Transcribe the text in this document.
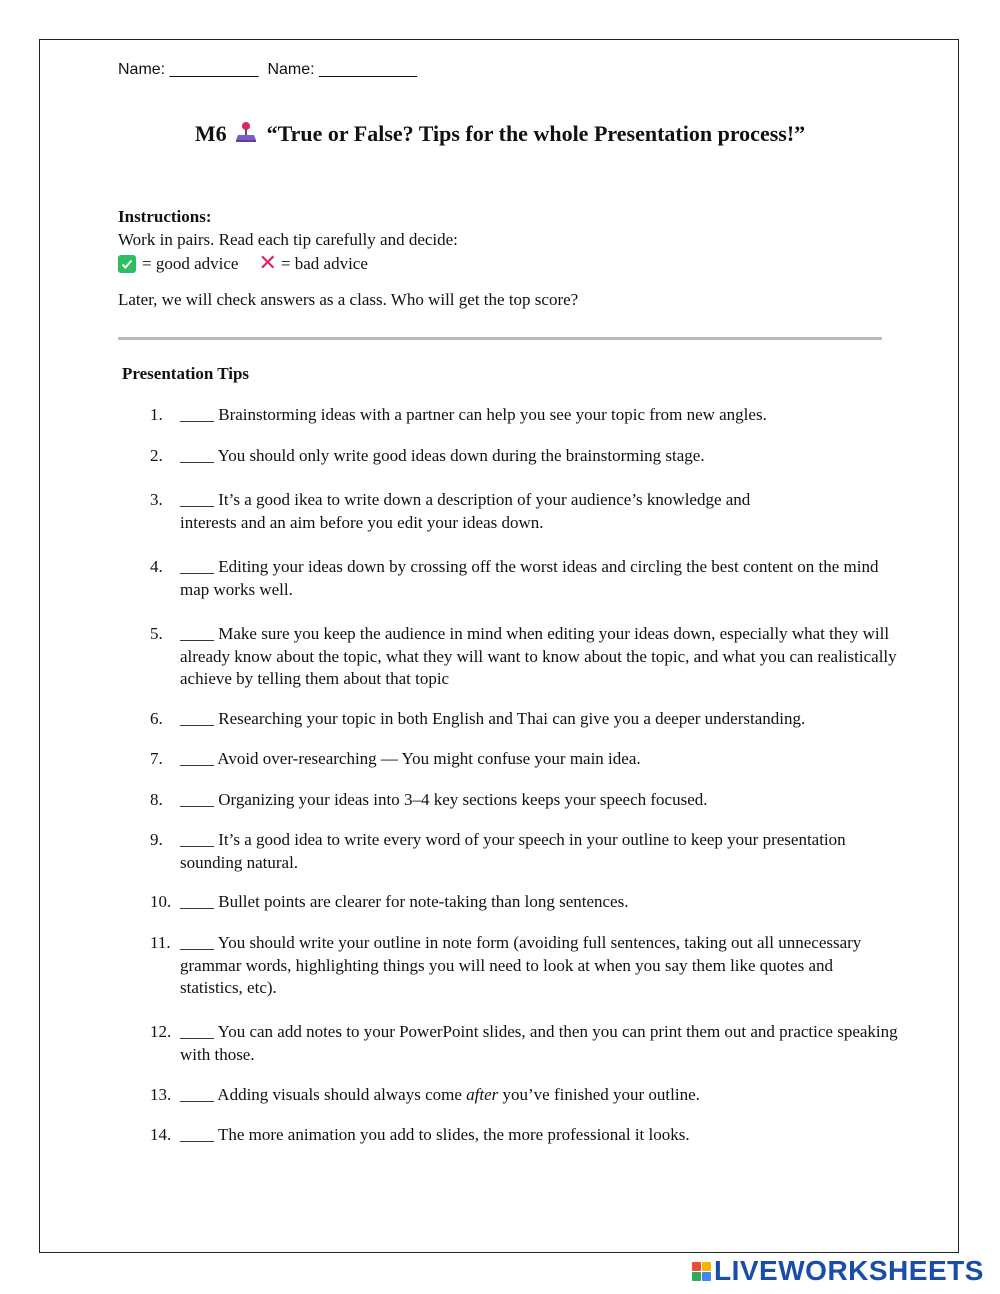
Name: __________  Name: ___________
M6 “True or False? Tips for the whole Presentation process!”
Instructions:
Work in pairs. Read each tip carefully and decide:
= good advice ✕ = bad advice
Later, we will check answers as a class. Who will get the top score?
Presentation Tips
1.	____ Brainstorming ideas with a partner can help you see your topic from new angles.
2.	____ You should only write good ideas down during the brainstorming stage.
3.	____ It’s a good ikea to write down a description of your audience’s knowledge and interests and an aim before you edit your ideas down.
4.	____ Editing your ideas down by crossing off the worst ideas and circling the best content on the mind map works well.
5.	____ Make sure you keep the audience in mind when editing your ideas down, especially what they will already know about the topic, what they will want to know about the topic, and what you can realistically achieve by telling them about that topic
6.	____ Researching your topic in both English and Thai can give you a deeper understanding.
7.	____ Avoid over-researching — You might confuse your main idea.
8.	____ Organizing your ideas into 3–4 key sections keeps your speech focused.
9.	____ It’s a good idea to write every word of your speech in your outline to keep your presentation sounding natural.
10. ____ Bullet points are clearer for note-taking than long sentences.
11. ____ You should write your outline in note form (avoiding full sentences, taking out all unnecessary grammar words, highlighting things you will need to look at when you say them like quotes and statistics, etc).
12. ____ You can add notes to your PowerPoint slides, and then you can print them out and practice speaking with those.
13. ____ Adding visuals should always come after you’ve finished your outline.
14. ____ The more animation you add to slides, the more professional it looks.
LIVEWORKSHEETS
